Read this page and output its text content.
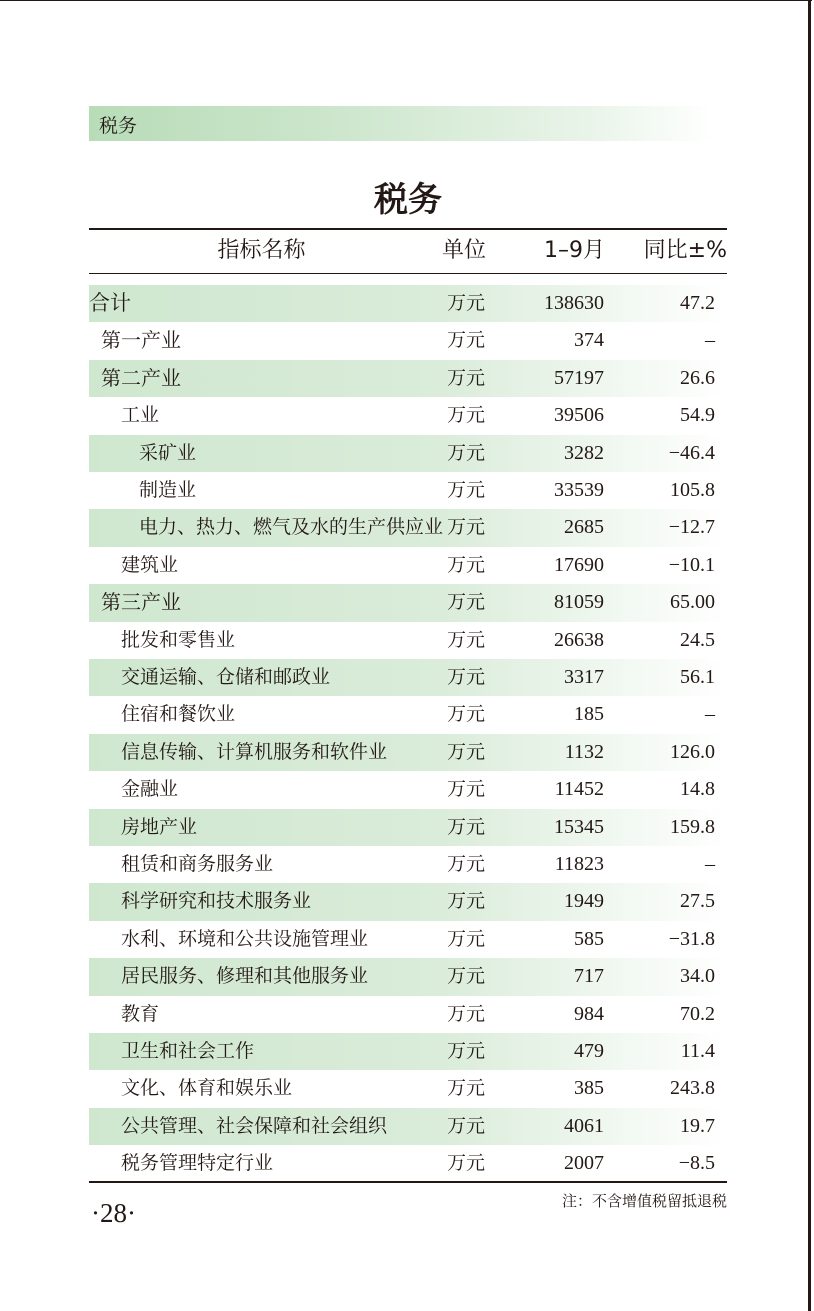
税务
税务
指标名称	单位	1–9月	同比±%
合计	万元	138630	47.2
第一产业	万元	374	–
第二产业	万元	57197	26.6
工业	万元	39506	54.9
采矿业	万元	3282	−46.4
制造业	万元	33539	105.8
电力、热力、燃气及水的生产供应业 万元	2685	−12.7
建筑业	万元	17690	−10.1
第三产业	万元	81059	65.00
批发和零售业	万元	26638	24.5
交通运输、仓储和邮政业	万元	3317	56.1
住宿和餐饮业	万元	185	–
信息传输、计算机服务和软件业	万元	1132	126.0
金融业	万元	11452	14.8
房地产业	万元	15345	159.8
租赁和商务服务业	万元	11823	–
科学研究和技术服务业	万元	1949	27.5
水利、环境和公共设施管理业	万元	585	−31.8
居民服务、修理和其他服务业	万元	717	34.0
教育	万元	984	70.2
卫生和社会工作	万元	479	11.4
文化、体育和娱乐业	万元	385	243.8
公共管理、社会保障和社会组织	万元	4061	19.7
税务管理特定行业	万元	2007	−8.5
注：不含增值税留抵退税
·28·
